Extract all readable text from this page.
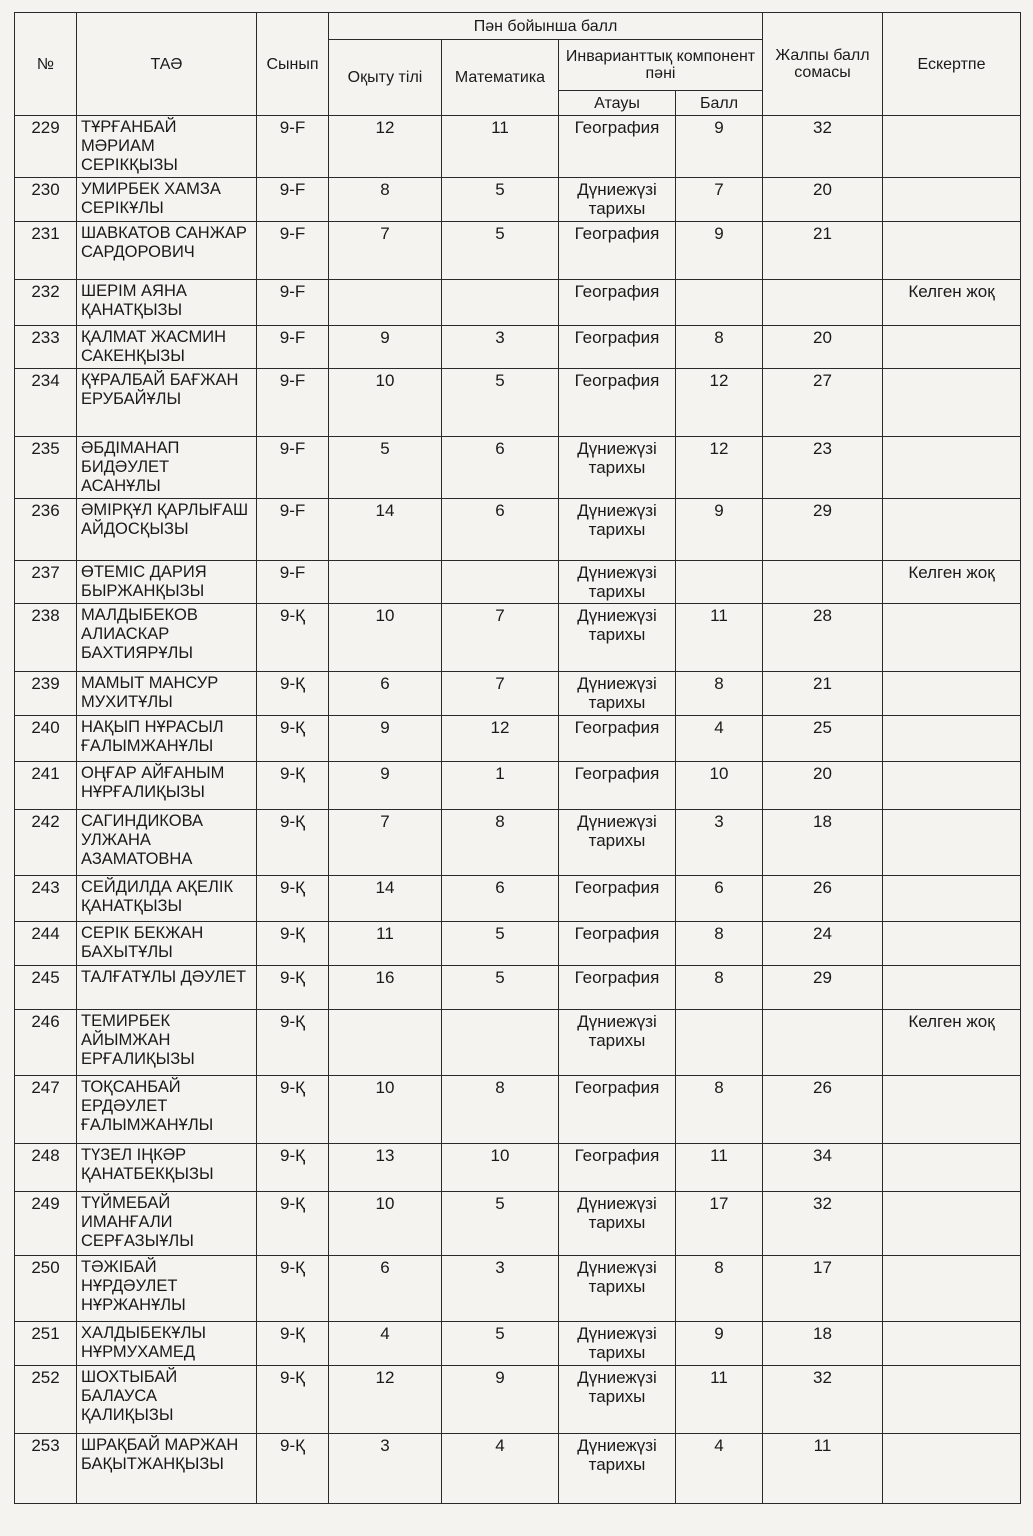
№	ТАӘ	Сынып	Пән бойынша балл				Жалпы балл сомасы	Ескертпе
			Оқыту тілі	Математика	Инварианттық компонент пәні			
					Атауы	Балл		
229	ТҰРҒАНБАЙ МӘРИАМ СЕРІКҚЫЗЫ	9-F	12	11	География	9	32	
230	УМИРБЕК ХАМЗА СЕРІКҰЛЫ	9-F	8	5	Дүниежүзі тарихы	7	20	
231	ШАВКАТОВ САНЖАР САРДОРОВИЧ	9-F	7	5	География	9	21	
232	ШЕРІМ АЯНА ҚАНАТҚЫЗЫ	9-F			География			Келген жоқ
233	ҚАЛМАТ ЖАСМИН САКЕНҚЫЗЫ	9-F	9	3	География	8	20	
234	ҚҰРАЛБАЙ БАҒЖАН ЕРУБАЙҰЛЫ	9-F	10	5	География	12	27	
235	ӘБДІМАНАП БИДӘУЛЕТ АСАНҰЛЫ	9-F	5	6	Дүниежүзі тарихы	12	23	
236	ӘМІРҚҰЛ ҚАРЛЫҒАШ АЙДОСҚЫЗЫ	9-F	14	6	Дүниежүзі тарихы	9	29	
237	ӨТЕМІС ДАРИЯ БЫРЖАНҚЫЗЫ	9-F			Дүниежүзі тарихы			Келген жоқ
238	МАЛДЫБЕКОВ АЛИАСКАР БАХТИЯРҰЛЫ	9-Қ	10	7	Дүниежүзі тарихы	11	28	
239	МАМЫТ МАНСУР МУХИТҰЛЫ	9-Қ	6	7	Дүниежүзі тарихы	8	21	
240	НАҚЫП НҰРАСЫЛ ҒАЛЫМЖАНҰЛЫ	9-Қ	9	12	География	4	25	
241	ОҢҒАР АЙҒАНЫМ НҰРҒАЛИҚЫЗЫ	9-Қ	9	1	География	10	20	
242	САГИНДИКОВА УЛЖАНА АЗАМАТОВНА	9-Қ	7	8	Дүниежүзі тарихы	3	18	
243	СЕЙДИЛДА АҚЕЛІК ҚАНАТҚЫЗЫ	9-Қ	14	6	География	6	26	
244	СЕРІК БЕКЖАН БАХЫТҰЛЫ	9-Қ	11	5	География	8	24	
245	ТАЛҒАТҰЛЫ ДӘУЛЕТ	9-Қ	16	5	География	8	29	
246	ТЕМИРБЕК АЙЫМЖАН ЕРҒАЛИҚЫЗЫ	9-Қ			Дүниежүзі тарихы			Келген жоқ
247	ТОҚСАНБАЙ ЕРДӘУЛЕТ ҒАЛЫМЖАНҰЛЫ	9-Қ	10	8	География	8	26	
248	ТҮЗЕЛ ІҢКӘР ҚАНАТБЕКҚЫЗЫ	9-Қ	13	10	География	11	34	
249	ТҮЙМЕБАЙ ИМАНҒАЛИ СЕРҒАЗЫҰЛЫ	9-Қ	10	5	Дүниежүзі тарихы	17	32	
250	ТӘЖІБАЙ НҰРДӘУЛЕТ НҰРЖАНҰЛЫ	9-Қ	6	3	Дүниежүзі тарихы	8	17	
251	ХАЛДЫБЕКҰЛЫ НҰРМУХАМЕД	9-Қ	4	5	Дүниежүзі тарихы	9	18	
252	ШОХТЫБАЙ БАЛАУСА ҚАЛИҚЫЗЫ	9-Қ	12	9	Дүниежүзі тарихы	11	32	
253	ШРАҚБАЙ МАРЖАН БАҚЫТЖАНҚЫЗЫ	9-Қ	3	4	Дүниежүзі тарихы	4	11	
